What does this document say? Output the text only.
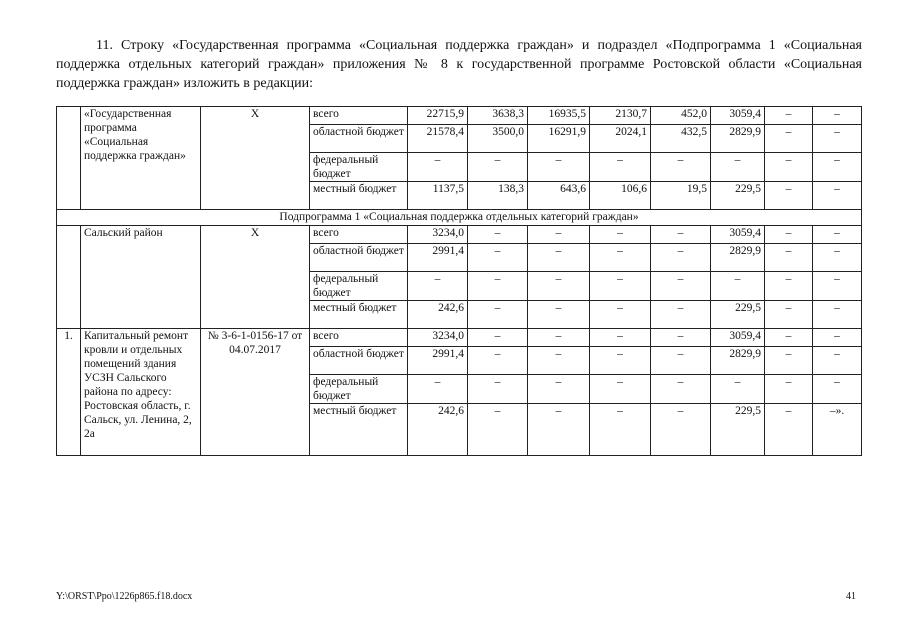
11. Строку «Государственная программа «Социальная поддержка граждан» и подраздел «Подпрограмма 1 «Социальная поддержка отдельных категорий граждан» приложения № 8 к государственной программе Ростовской области «Социальная поддержка граждан» изложить в редакции:

	«Государственная программа «Социальная поддержка граждан»	Х	всего	22715,9	3638,3	16935,5	2130,7	452,0	3059,4	–	–
			областной бюджет	21578,4	3500,0	16291,9	2024,1	432,5	2829,9	–	–
			федеральный бюджет	–	–	–	–	–	–	–	–
			местный бюджет	1137,5	138,3	643,6	106,6	19,5	229,5	–	–
Подпрограмма 1 «Социальная поддержка отдельных категорий граждан»											
	Сальский район	Х	всего	3234,0	–	–	–	–	3059,4	–	–
			областной бюджет	2991,4	–	–	–	–	2829,9	–	–
			федеральный бюджет	–	–	–	–	–	–	–	–
			местный бюджет	242,6	–	–	–	–	229,5	–	–
1.	Капитальный ремонт кровли и отдельных помещений здания УСЗН Сальского района по адресу: Ростовская область, г. Сальск, ул. Ленина, 2, 2а	№ 3-6-1-0156-17 от 04.07.2017	всего	3234,0	–	–	–	–	3059,4	–	–
			областной бюджет	2991,4	–	–	–	–	2829,9	–	–
			федеральный бюджет	–	–	–	–	–	–	–	–
			местный бюджет	242,6	–	–	–	–	229,5	–	–».
Y:\ORST\Ppo\1226p865.f18.docx	41
